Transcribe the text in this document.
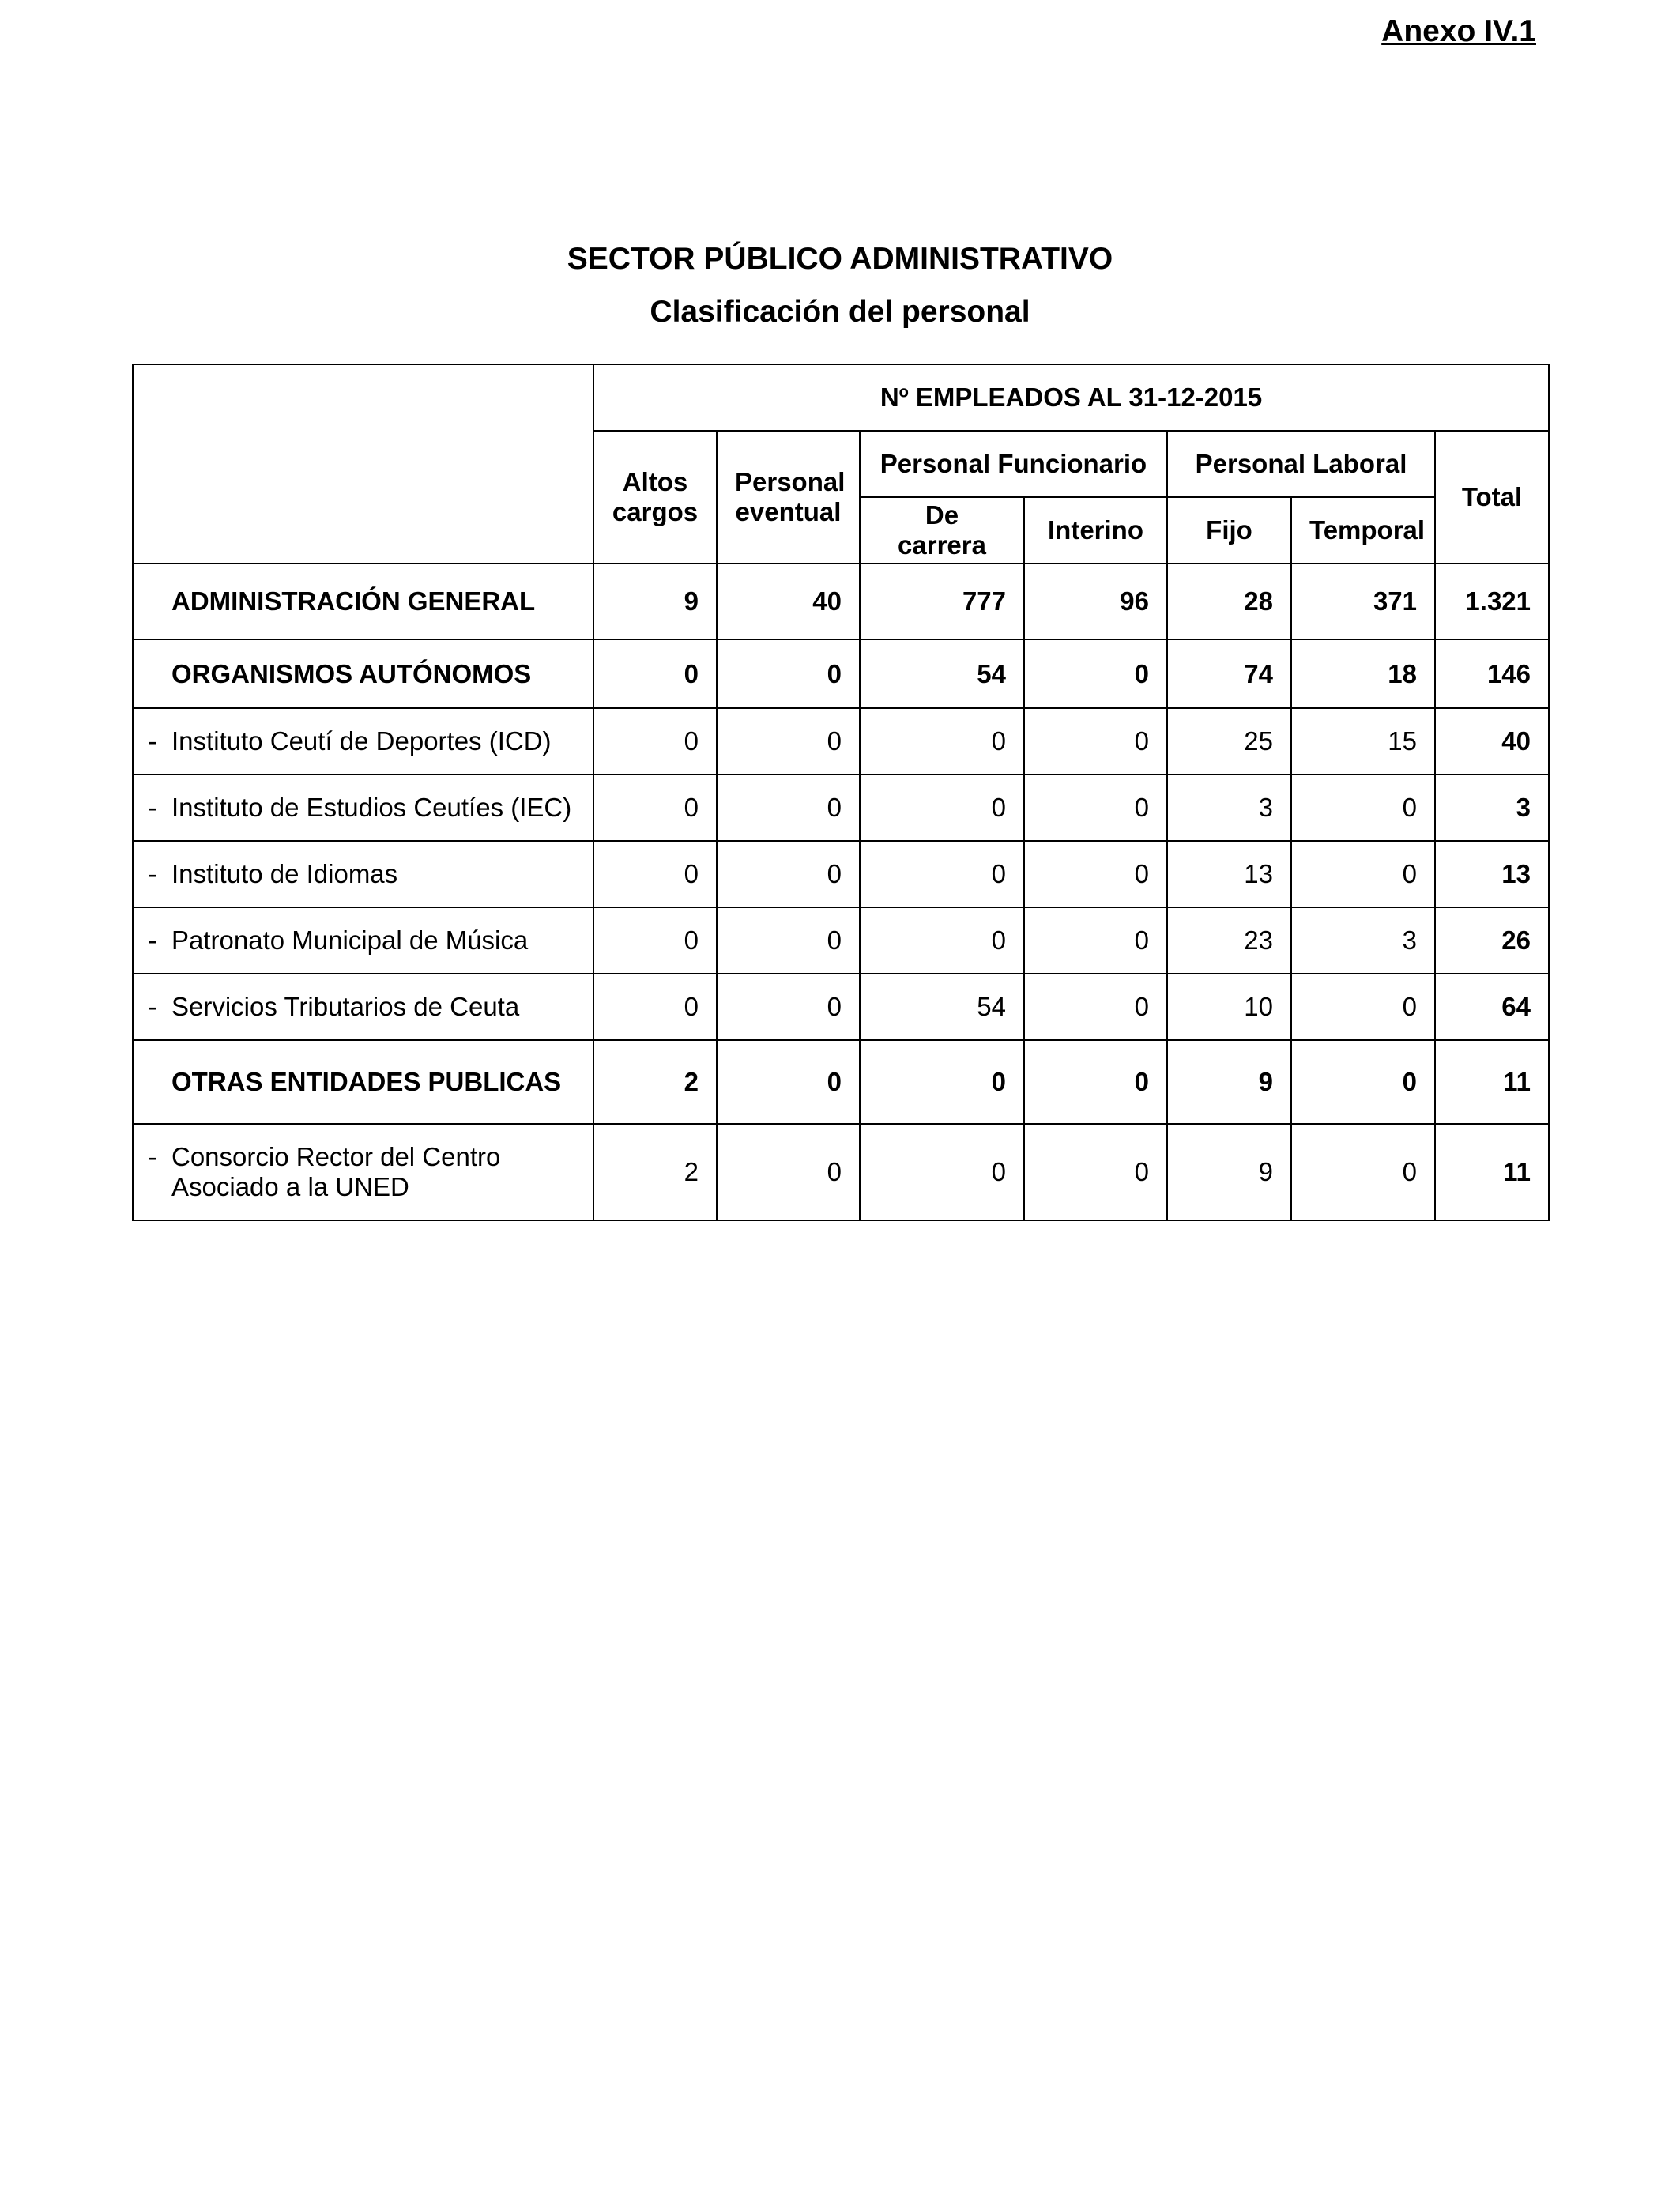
Anexo IV.1
SECTOR PÚBLICO ADMINISTRATIVO
Clasificación del personal
	Nº EMPLEADOS AL 31-12-2015						
	Altos cargos	Personal eventual	Personal Funcionario		Personal Laboral		Total
			De carrera	Interino	Fijo	Temporal	

ADMINISTRACIÓN GENERAL	9	40	777	96	28	371	1.321

ORGANISMOS AUTÓNOMOS	0	0	54	0	74	18	146

- Instituto Ceutí de Deportes (ICD)	0	0	0	0	25	15	40

- Instituto de Estudios Ceutíes (IEC)	0	0	0	0	3	0	3

- Instituto de Idiomas	0	0	0	0	13	0	13

- Patronato Municipal de Música	0	0	0	0	23	3	26

- Servicios Tributarios de Ceuta	0	0	54	0	10	0	64

OTRAS ENTIDADES PUBLICAS	2	0	0	0	9	0	11

- Consorcio Rector del Centro Asociado a la UNED	2	0	0	0	9	0	11
